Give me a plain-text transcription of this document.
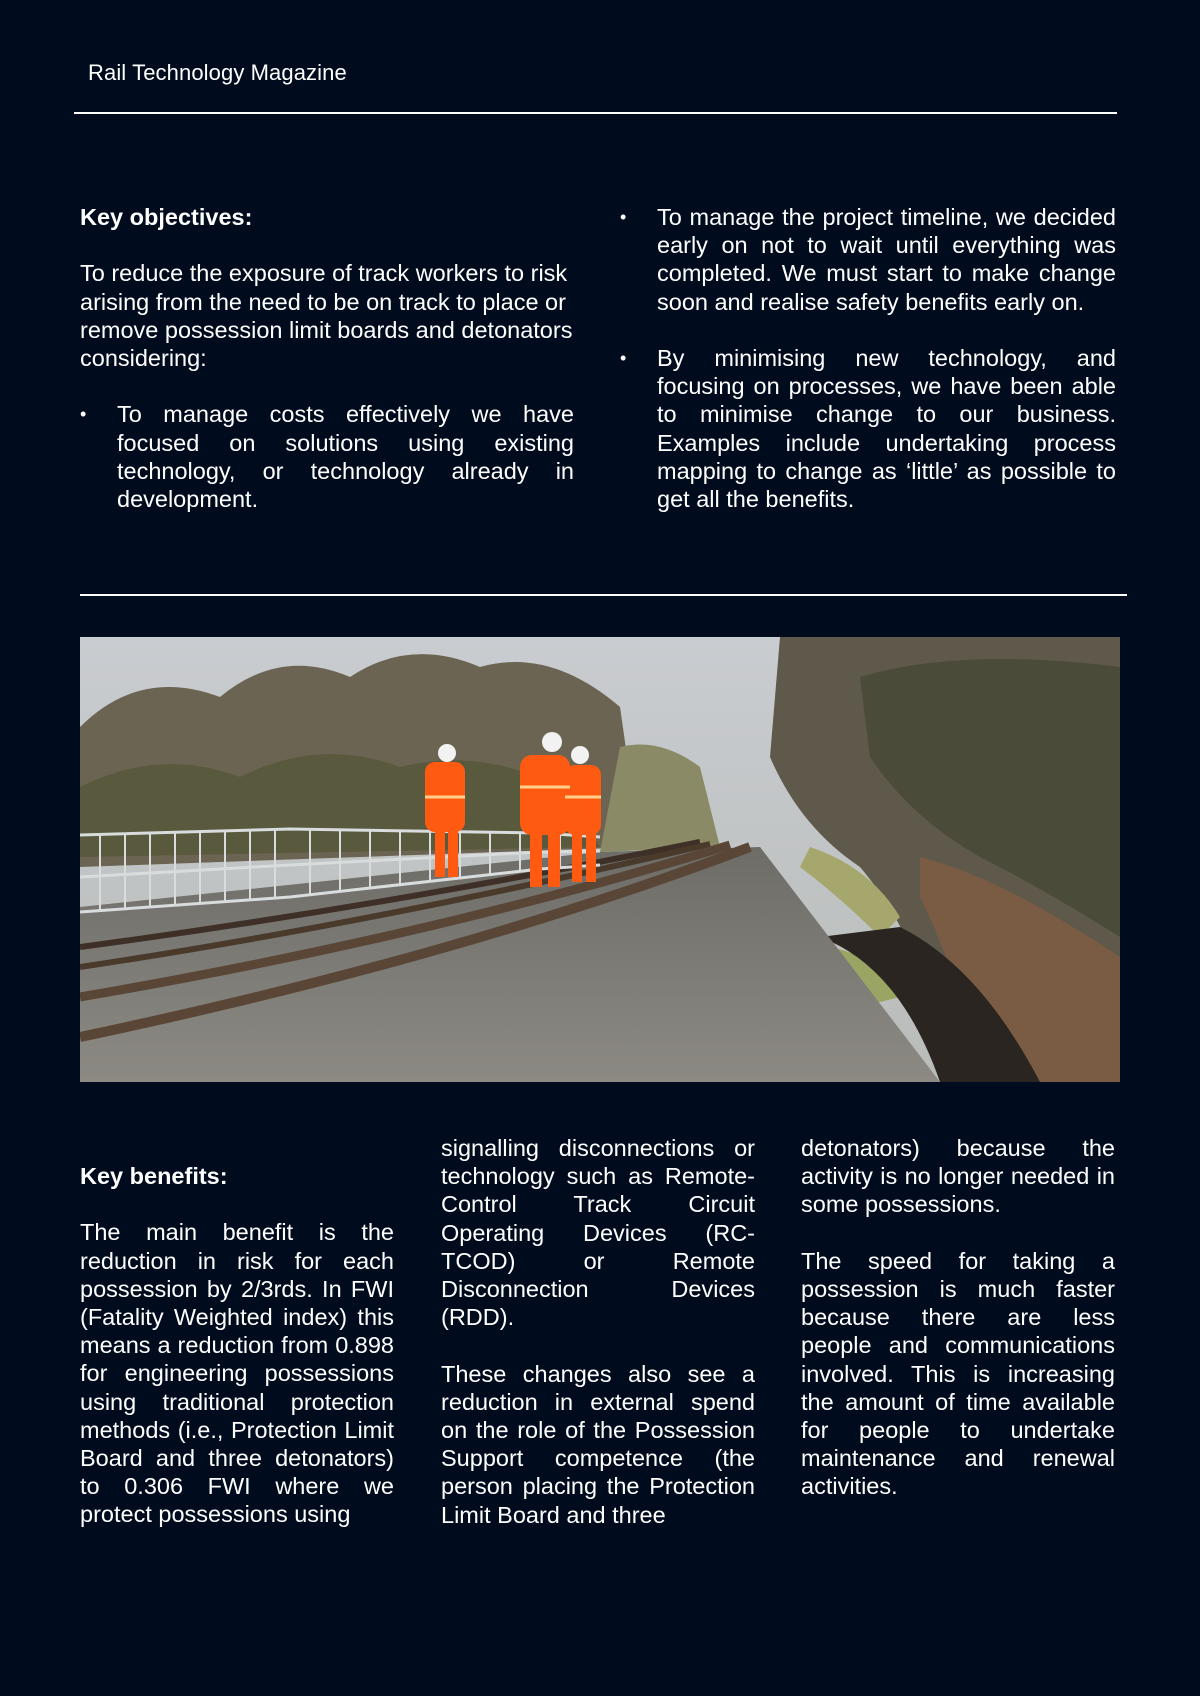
Rail Technology Magazine
Key objectives:

To reduce the exposure of track workers to risk arising from the need to be on track to place or remove possession limit boards and detonators considering:

• To manage costs effectively we have focused on solutions using existing technology, or technology already in development.
• To manage the project timeline, we decided early on not to wait until everything was completed. We must start to make change soon and realise safety benefits early on.
• By minimising new technology, and focusing on processes, we have been able to minimise change to our business. Examples include undertaking process mapping to change as ‘little’ as possible to get all the benefits.
Key benefits:

The main benefit is the reduction in risk for each possession by 2/3rds. In FWI (Fatality Weighted index) this means a reduction from 0.898 for engineering possessions using traditional protection methods (i.e., Protection Limit Board and three detonators) to 0.306 FWI where we protect possessions using

signalling disconnections or technology such as Remote-Control Track Circuit Operating Devices (RC-TCOD) or Remote Disconnection Devices (RDD).

These changes also see a reduction in external spend on the role of the Possession Support competence (the person placing the Protection Limit Board and three

detonators) because the activity is no longer needed in some possessions.

The speed for taking a possession is much faster because there are less people and communications involved. This is increasing the amount of time available for people to undertake maintenance and renewal activities.
